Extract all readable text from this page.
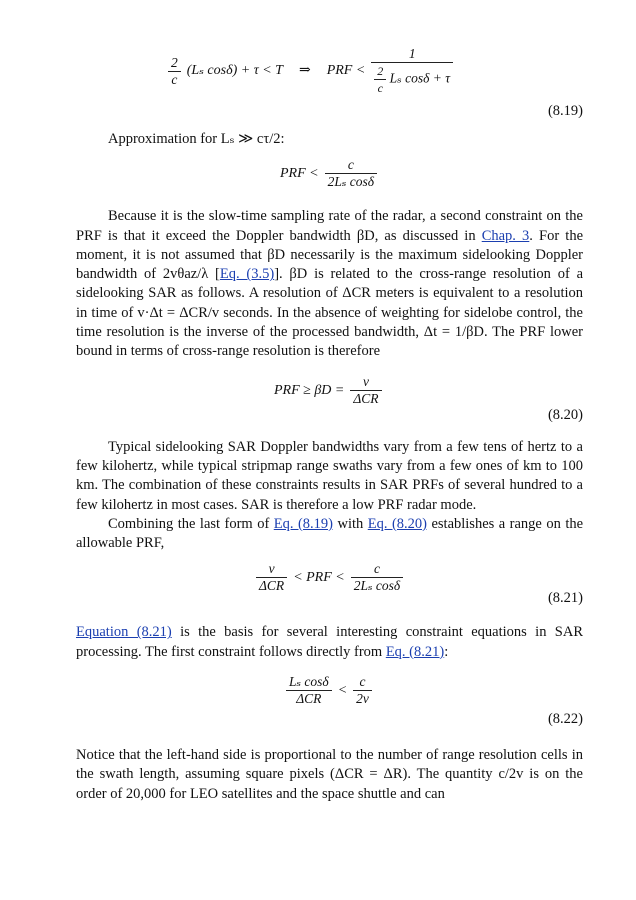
$\frac{2}{c} (L_s$ cosδ) + τ < T ⇒ PRF < $\frac{1}{\frac{2}{c} L_s \cos\delta + \tau}$
(8.19)

Approximation for Lₛ ≫ cτ/2:

PRF < $\frac{c}{\text{2Lₛ cosδ}}$

Because it is the slow-time sampling rate of the radar, a second constraint on the PRF is that it exceed the Doppler bandwidth βD, as discussed in Chap. 3. For the moment, it is not assumed that βD necessarily is the maximum sidelooking Doppler bandwidth of 2vθaz/λ [Eq. (3.5)]. βD is related to the cross-range resolution of a sidelooking SAR as follows. A resolution of ΔCR meters is equivalent to a resolution in time of v·Δt = ΔCR/v seconds. In the absence of weighting for sidelobe control, the time resolution is the inverse of the processed bandwidth, Δt = 1/βD. The PRF lower bound in terms of cross-range resolution is therefore

PRF ≥ $\beta D = \frac{v}{\text{ΔCR}}$
(8.20)

Typical sidelooking SAR Doppler bandwidths vary from a few tens of hertz to a few kilohertz, while typical stripmap range swaths vary from a few ones of km to 100 km. The combination of these constraints results in SAR PRFs of several hundred to a few kilohertz in most cases. SAR is therefore a low PRF radar mode.

Combining the last form of Eq. (8.19) with Eq. (8.20) establishes a range on the allowable PRF,

$\frac{v}{\text{ΔCR}}$ < PRF < $\frac{c}{\text{2Lₛ cosδ}}$
(8.21)

Equation (8.21) is the basis for several interesting constraint equations in SAR processing. The first constraint follows directly from Eq. (8.21):

$\frac{\text{Lₛ cosδ}}{\text{ΔCR}} < \frac{c}{2v}$
(8.22)

Notice that the left-hand side is proportional to the number of range resolution cells in the swath length, assuming square pixels (ΔCR = ΔR). The quantity c/2v is on the order of 20,000 for LEO satellites and the space shuttle and can
